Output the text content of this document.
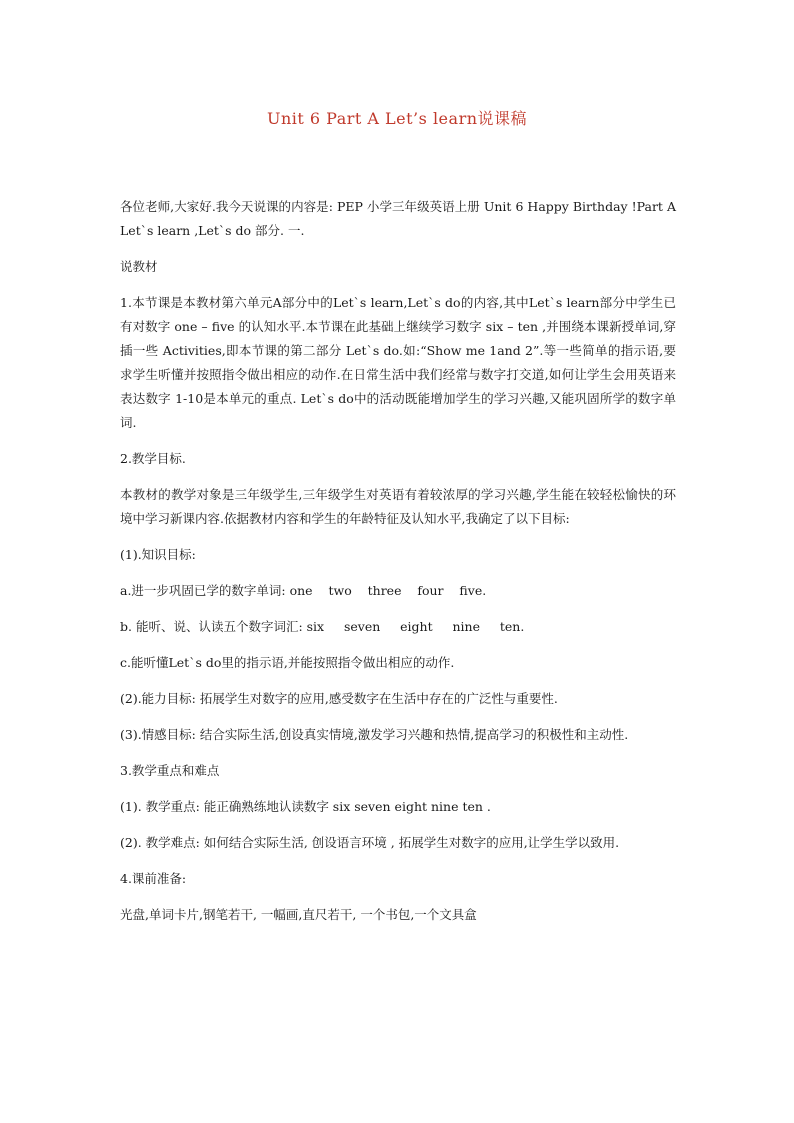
Unit 6 Part A Let’s learn说课稿

各位老师,大家好.我今天说课的内容是: PEP 小学三年级英语上册 Unit 6 Happy Birthday !Part A Let`s learn ,Let`s do 部分. 一.

说教材

1.本节课是本教材第六单元A部分中的Let`s learn,Let`s do的内容,其中Let`s learn部分中学生已有对数字 one – five 的认知水平.本节课在此基础上继续学习数字 six – ten ,并围绕本课新授单词,穿插一些 Activities,即本节课的第二部分 Let`s do.如:“Show me 1and 2”.等一些简单的指示语,要求学生听懂并按照指令做出相应的动作.在日常生活中我们经常与数字打交道,如何让学生会用英语来表达数字 1-10是本单元的重点. Let`s do中的活动既能增加学生的学习兴趣,又能巩固所学的数字单词.

2.教学目标.

本教材的教学对象是三年级学生,三年级学生对英语有着较浓厚的学习兴趣,学生能在较轻松愉快的环境中学习新课内容.依据教材内容和学生的年龄特征及认知水平,我确定了以下目标:

(1).知识目标:

a.进一步巩固已学的数字单词: one    two    three    four    five.

b. 能听、说、认读五个数字词汇: six     seven     eight     nine     ten.

c.能听懂Let`s do里的指示语,并能按照指令做出相应的动作.

(2).能力目标: 拓展学生对数字的应用,感受数字在生活中存在的广泛性与重要性.

(3).情感目标: 结合实际生活,创设真实情境,激发学习兴趣和热情,提高学习的积极性和主动性.

3.教学重点和难点

(1). 教学重点: 能正确熟练地认读数字 six seven eight nine ten .

(2). 教学难点: 如何结合实际生活, 创设语言环境 , 拓展学生对数字的应用,让学生学以致用.

4.课前准备:

光盘,单词卡片,钢笔若干, 一幅画,直尺若干, 一个书包,一个文具盒
